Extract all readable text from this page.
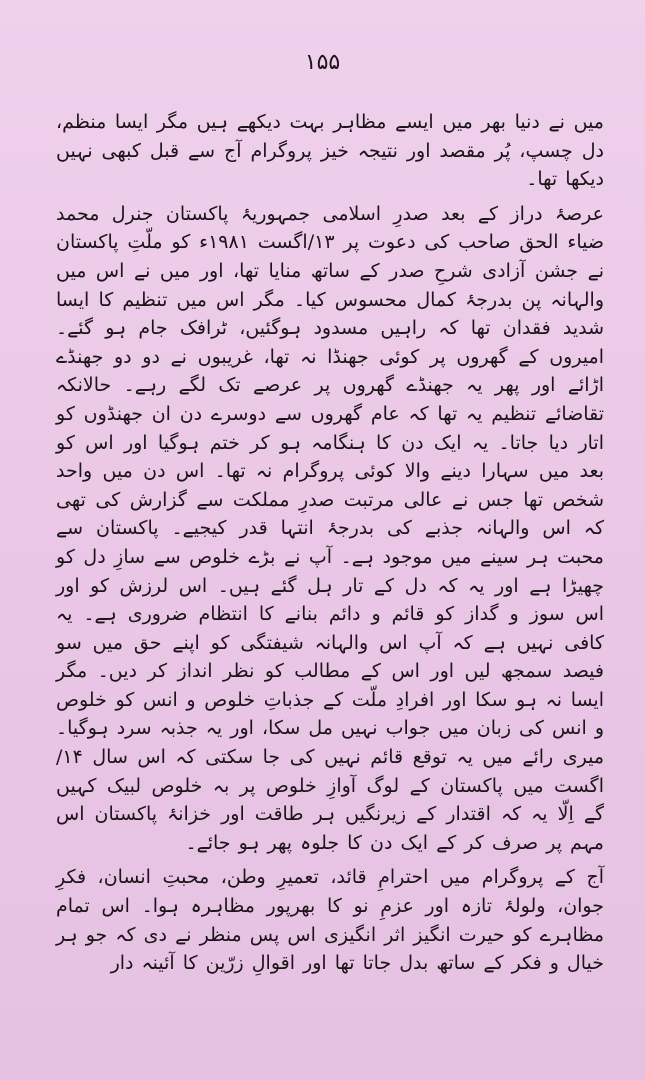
۱۵۵

میں نے دنیا بھر میں ایسے مظاہر بہت دیکھے ہیں مگر ایسا منظم، دل چسپ، پُر مقصد اور نتیجہ خیز پروگرام آج سے قبل کبھی نہیں دیکھا تھا۔

عرصۂ دراز کے بعد صدرِ اسلامی جمہوریۂ پاکستان جنرل محمد ضیاء الحق صاحب کی دعوت پر ۱۳/اگست ۱۹۸۱ء کو ملّتِ پاکستان نے جشن آزادی شرحِ صدر کے ساتھ منایا تھا، اور میں نے اس میں والہانہ پن بدرجۂ کمال محسوس کیا۔ مگر اس میں تنظیم کا ایسا شدید فقدان تھا کہ راہیں مسدود ہوگئیں، ٹرافک جام ہو گئے۔ امیروں کے گھروں پر کوئی جھنڈا نہ تھا، غریبوں نے دو دو جھنڈے اڑائے اور پھر یہ جھنڈے گھروں پر عرصے تک لگے رہے۔ حالانکہ تقاضائے تنظیم یہ تھا کہ عام گھروں سے دوسرے دن ان جھنڈوں کو اتار دیا جاتا۔ یہ ایک دن کا ہنگامہ ہو کر ختم ہوگیا اور اس کو بعد میں سہارا دینے والا کوئی پروگرام نہ تھا۔ اس دن میں واحد شخص تھا جس نے عالی مرتبت صدرِ مملکت سے گزارش کی تھی کہ اس والہانہ جذبے کی بدرجۂ انتہا قدر کیجیے۔ پاکستان سے محبت ہر سینے میں موجود ہے۔ آپ نے بڑے خلوص سے سازِ دل کو چھیڑا ہے اور یہ کہ دل کے تار ہل گئے ہیں۔ اس لرزش کو اور اس سوز و گداز کو قائم و دائم بنانے کا انتظام ضروری ہے۔ یہ کافی نہیں ہے کہ آپ اس والہانہ شیفتگی کو اپنے حق میں سو فیصد سمجھ لیں اور اس کے مطالب کو نظر انداز کر دیں۔ مگر ایسا نہ ہو سکا اور افرادِ ملّت کے جذباتِ خلوص و انس کو خلوص و انس کی زبان میں جواب نہیں مل سکا، اور یہ جذبہ سرد ہوگیا۔ میری رائے میں یہ توقع قائم نہیں کی جا سکتی کہ اس سال ۱۴/اگست میں پاکستان کے لوگ آوازِ خلوص پر بہ خلوص لبیک کہیں گے اِلّا یہ کہ اقتدار کے زیرنگیں ہر طاقت اور خزانۂ پاکستان اس مہم پر صرف کر کے ایک دن کا جلوہ پھر ہو جائے۔

آج کے پروگرام میں احترامِ قائد، تعمیرِ وطن، محبتِ انسان، فکرِ جوان، ولولۂ تازہ اور عزمِ نو کا بھرپور مظاہرہ ہوا۔ اس تمام مظاہرے کو حیرت انگیز اثر انگیزی اس پس منظر نے دی کہ جو ہر خیال و فکر کے ساتھ بدل جاتا تھا اور اقوالِ زرّین کا آئینہ دار
